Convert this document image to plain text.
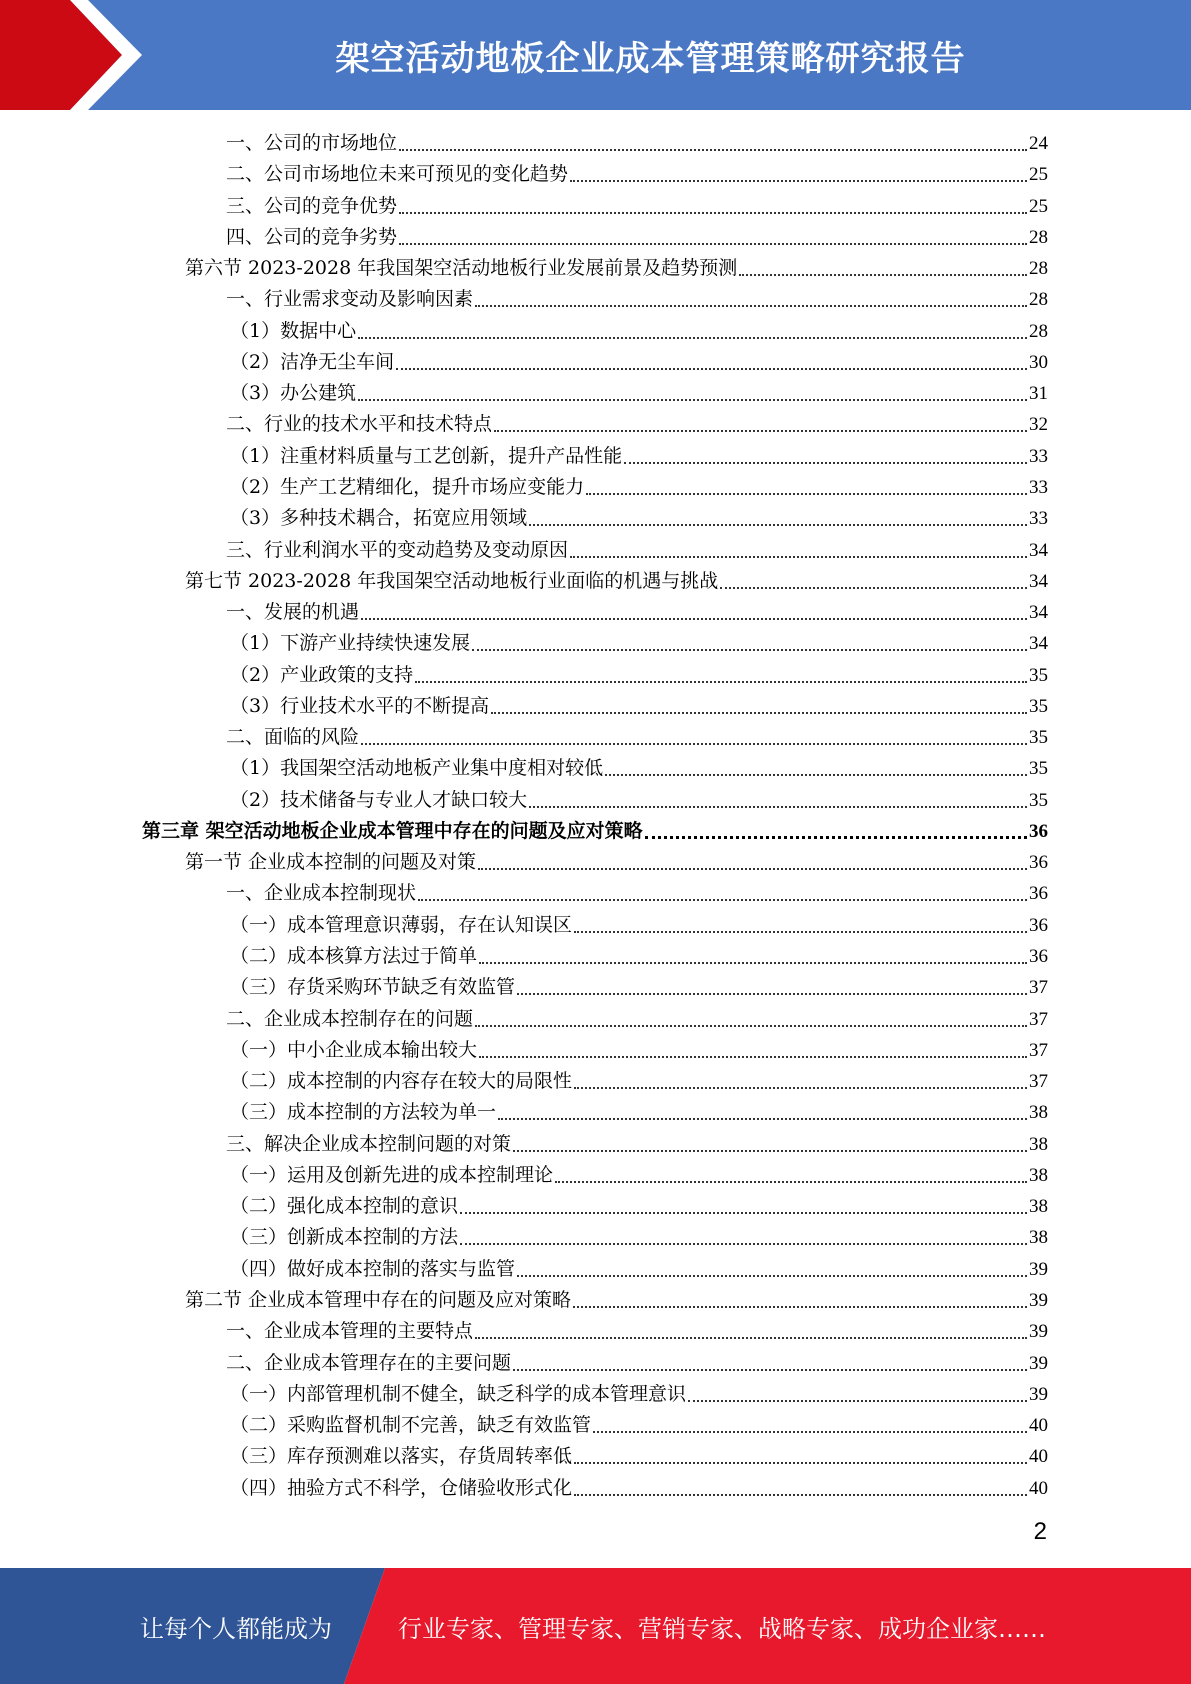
架空活动地板企业成本管理策略研究报告
一、公司的市场地位	24
二、公司市场地位未来可预见的变化趋势	25
三、公司的竞争优势	25
四、公司的竞争劣势	28
第六节 2023-2028 年我国架空活动地板行业发展前景及趋势预测	28
一、行业需求变动及影响因素	28
（1）数据中心	28
（2）洁净无尘车间	30
（3）办公建筑	31
二、行业的技术水平和技术特点	32
（1）注重材料质量与工艺创新，提升产品性能	33
（2）生产工艺精细化，提升市场应变能力	33
（3）多种技术耦合，拓宽应用领域	33
三、行业利润水平的变动趋势及变动原因	34
第七节 2023-2028 年我国架空活动地板行业面临的机遇与挑战	34
一、发展的机遇	34
（1）下游产业持续快速发展	34
（2）产业政策的支持	35
（3）行业技术水平的不断提高	35
二、面临的风险	35
（1）我国架空活动地板产业集中度相对较低	35
（2）技术储备与专业人才缺口较大	35
第三章 架空活动地板企业成本管理中存在的问题及应对策略	36
第一节 企业成本控制的问题及对策	36
一、企业成本控制现状	36
（一）成本管理意识薄弱，存在认知误区	36
（二）成本核算方法过于简单	36
（三）存货采购环节缺乏有效监管	37
二、企业成本控制存在的问题	37
（一）中小企业成本输出较大	37
（二）成本控制的内容存在较大的局限性	37
（三）成本控制的方法较为单一	38
三、解决企业成本控制问题的对策	38
（一）运用及创新先进的成本控制理论	38
（二）强化成本控制的意识	38
（三）创新成本控制的方法	38
（四）做好成本控制的落实与监管	39
第二节 企业成本管理中存在的问题及应对策略	39
一、企业成本管理的主要特点	39
二、企业成本管理存在的主要问题	39
（一）内部管理机制不健全，缺乏科学的成本管理意识	39
（二）采购监督机制不完善，缺乏有效监管	40
（三）库存预测难以落实，存货周转率低	40
（四）抽验方式不科学，仓储验收形式化	40
2
让每个人都能成为	行业专家、管理专家、营销专家、战略专家、成功企业家……
